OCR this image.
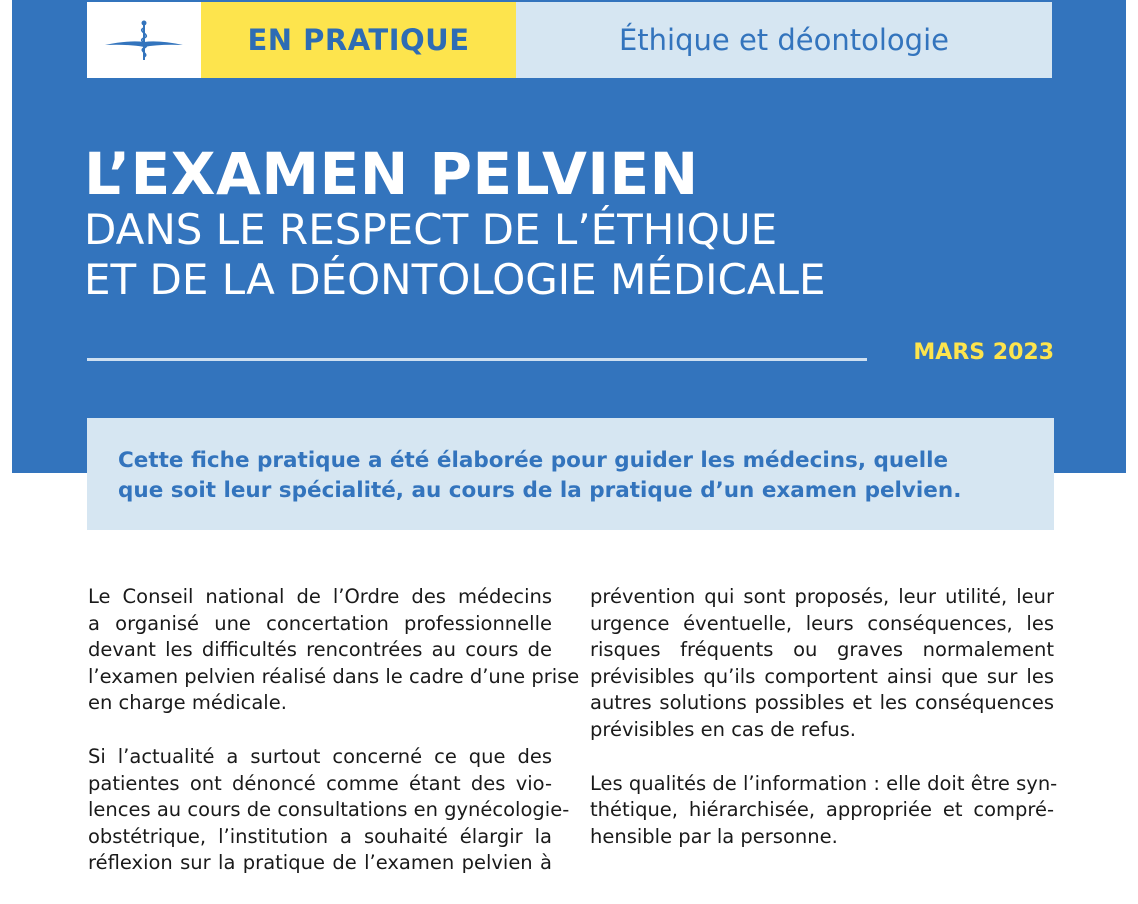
EN PRATIQUE	Éthique et déontologie
L’EXAMEN PELVIEN
DANS LE RESPECT DE L’ÉTHIQUE
ET DE LA DÉONTOLOGIE MÉDICALE
MARS 2023
Cette fiche pratique a été élaborée pour guider les médecins, quelle
que soit leur spécialité, au cours de la pratique d’un examen pelvien.

Le Conseil national de l’Ordre des médecins
a organisé une concertation professionnelle
devant les difficultés rencontrées au cours de
l’examen pelvien réalisé dans le cadre d’une prise
en charge médicale.

Si l’actualité a surtout concerné ce que des
patientes ont dénoncé comme étant des vio-
lences au cours de consultations en gynécologie-
obstétrique, l’institution a souhaité élargir la
réflexion sur la pratique de l’examen pelvien à

prévention qui sont proposés, leur utilité, leur
urgence éventuelle, leurs conséquences, les
risques fréquents ou graves normalement
prévisibles qu’ils comportent ainsi que sur les
autres solutions possibles et les conséquences
prévisibles en cas de refus.

Les qualités de l’information : elle doit être syn-
thétique, hiérarchisée, appropriée et compré-
hensible par la personne.
